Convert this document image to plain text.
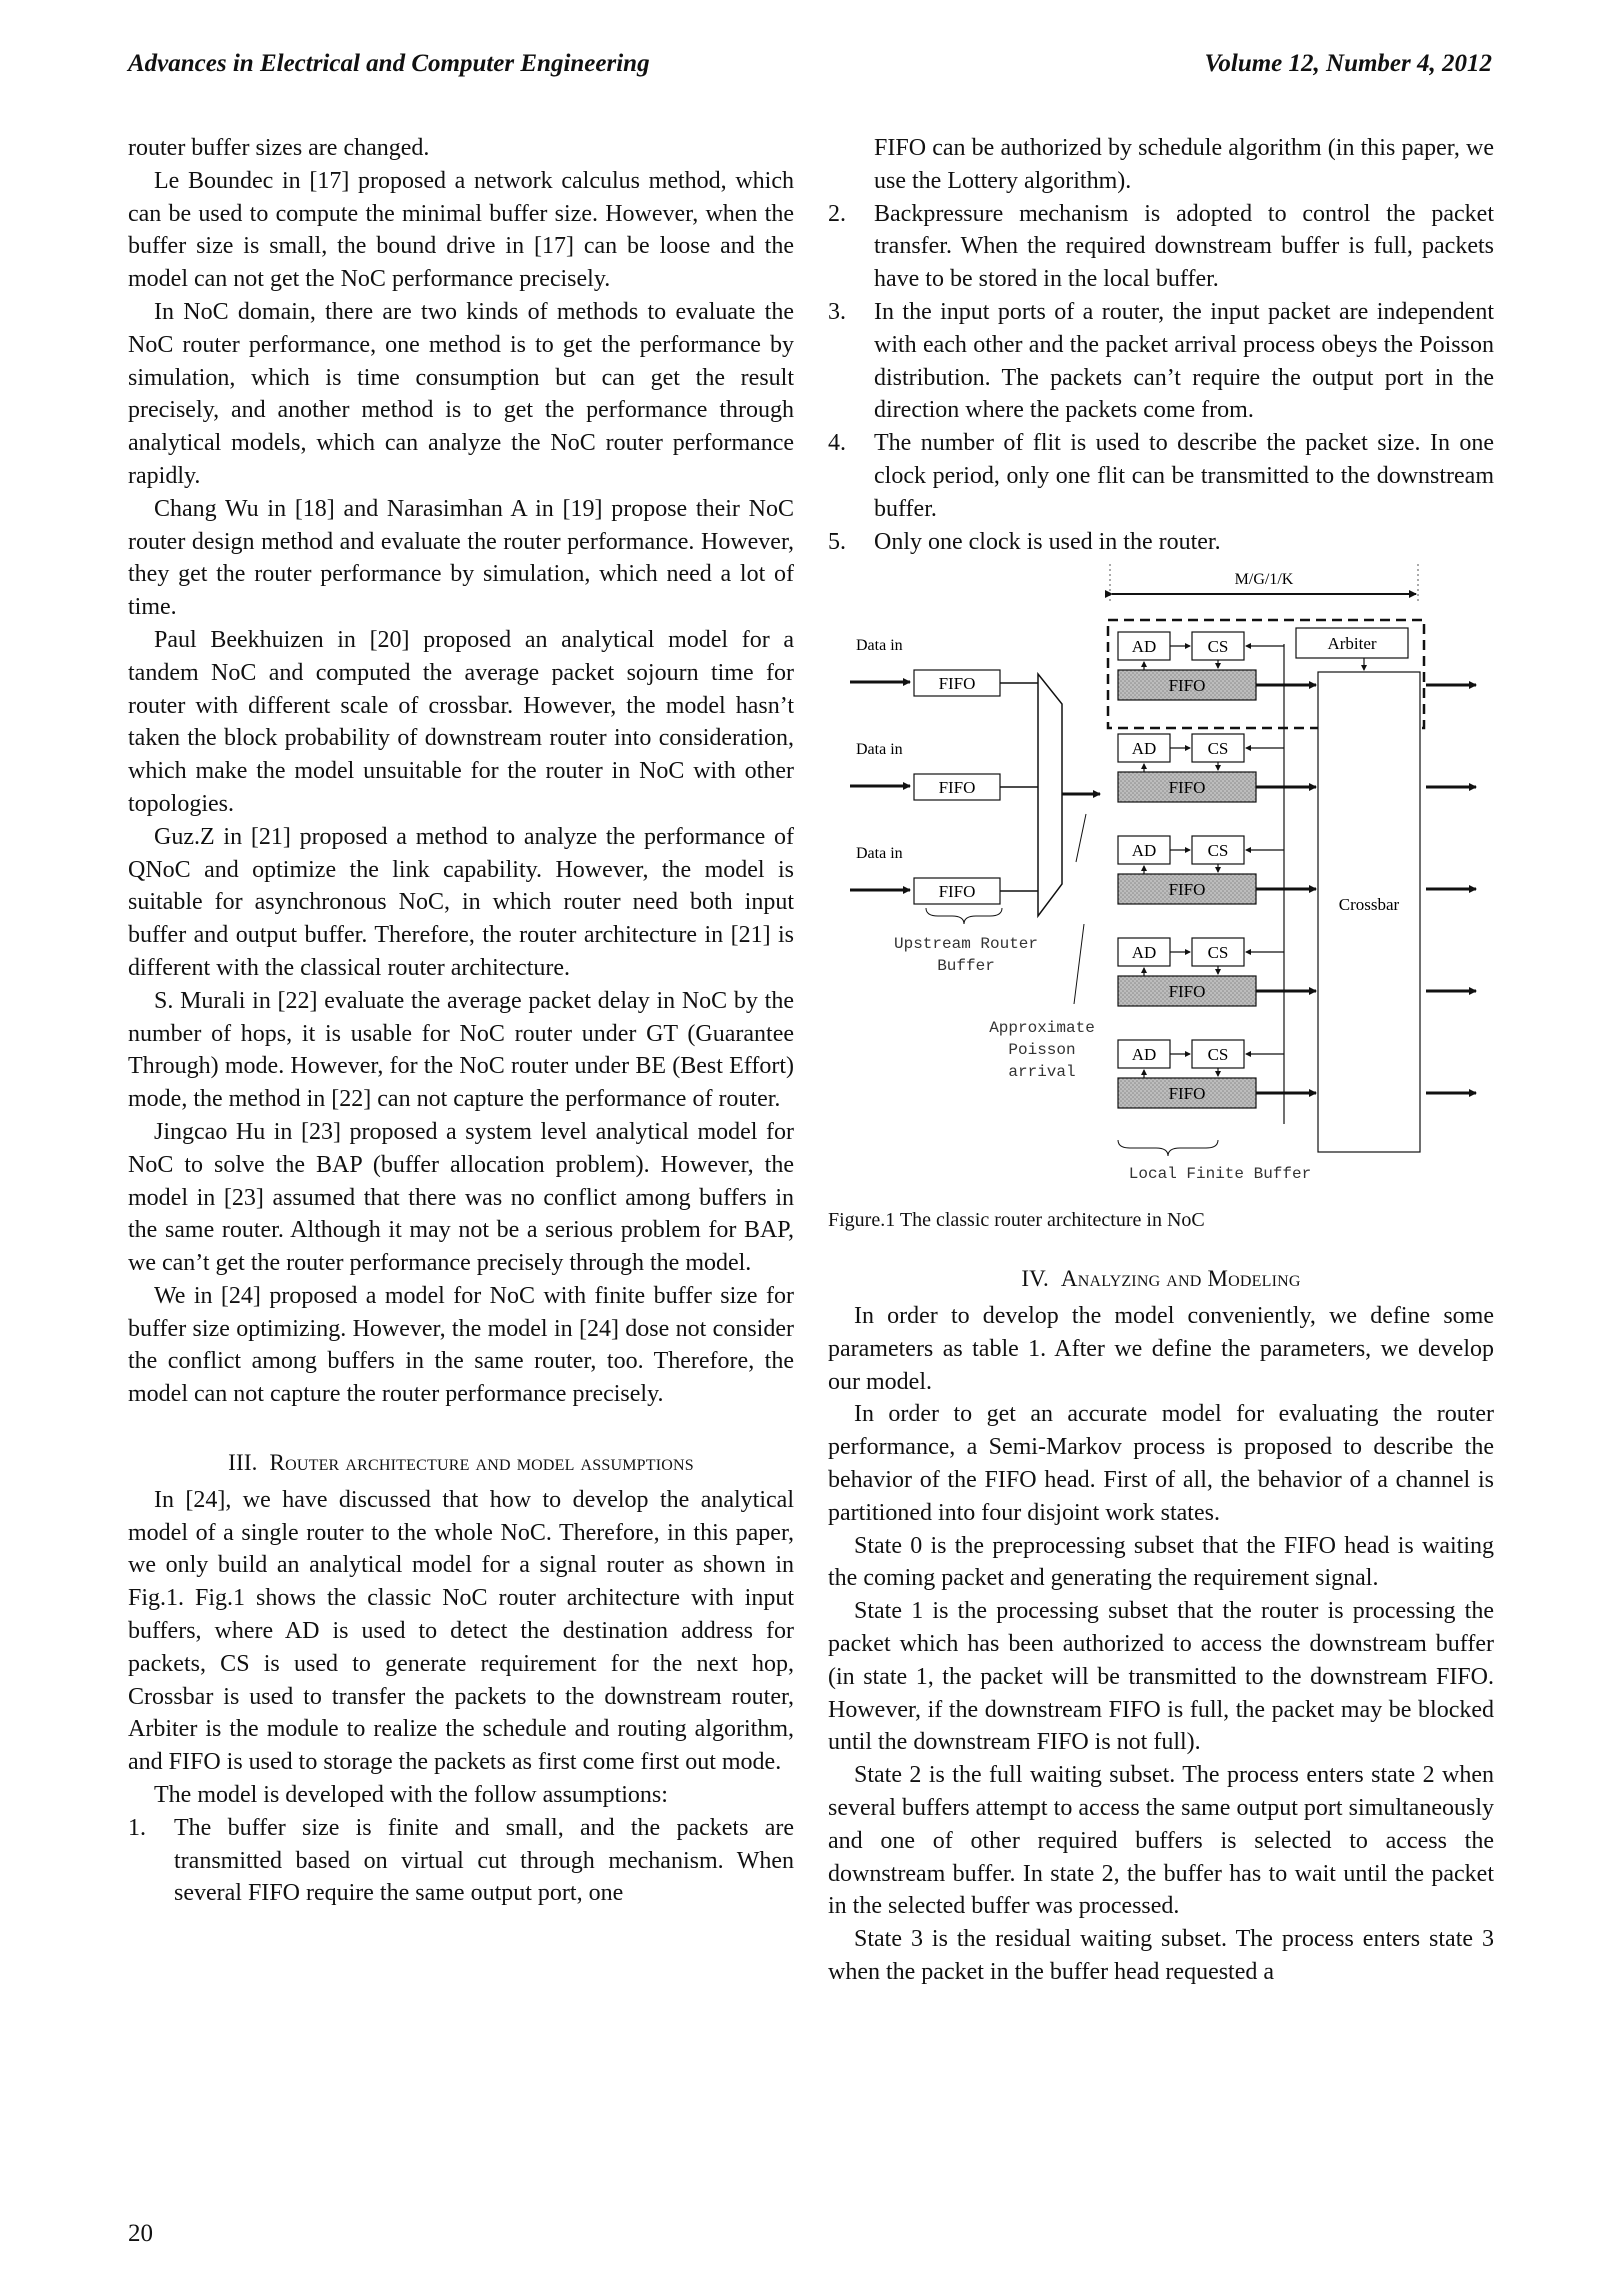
Advances in Electrical and Computer Engineering	Volume 12, Number 4, 2012

router buffer sizes are changed.

Le Boundec in [17] proposed a network calculus method, which can be used to compute the minimal buffer size. However, when the buffer size is small, the bound drive in [17] can be loose and the model can not get the NoC performance precisely.

In NoC domain, there are two kinds of methods to evaluate the NoC router performance, one method is to get the performance by simulation, which is time consumption but can get the result precisely, and another method is to get the performance through analytical models, which can analyze the NoC router performance rapidly.

Chang Wu in [18] and Narasimhan A in [19] propose their NoC router design method and evaluate the router performance. However, they get the router performance by simulation, which need a lot of time.

Paul Beekhuizen in [20] proposed an analytical model for a tandem NoC and computed the average packet sojourn time for router with different scale of crossbar. However, the model hasn’t taken the block probability of downstream router into consideration, which make the model unsuitable for the router in NoC with other topologies.

Guz.Z in [21] proposed a method to analyze the performance of QNoC and optimize the link capability. However, the model is suitable for asynchronous NoC, in which router need both input buffer and output buffer. Therefore, the router architecture in [21] is different with the classical router architecture.

S. Murali in [22] evaluate the average packet delay in NoC by the number of hops, it is usable for NoC router under GT (Guarantee Through) mode. However, for the NoC router under BE (Best Effort) mode, the method in [22] can not capture the performance of router.

Jingcao Hu in [23] proposed a system level analytical model for NoC to solve the BAP (buffer allocation problem). However, the model in [23] assumed that there was no conflict among buffers in the same router. Although it may not be a serious problem for BAP, we can’t get the router performance precisely through the model.

We in [24] proposed a model for NoC with finite buffer size for buffer size optimizing. However, the model in [24] dose not consider the conflict among buffers in the same router, too. Therefore, the model can not capture the router performance precisely.

III. Router architecture and model assumptions

In [24], we have discussed that how to develop the analytical model of a single router to the whole NoC. Therefore, in this paper, we only build an analytical model for a signal router as shown in Fig.1. Fig.1 shows the classic NoC router architecture with input buffers, where AD is used to detect the destination address for packets, CS is used to generate requirement for the next hop, Crossbar is used to transfer the packets to the downstream router, Arbiter is the module to realize the schedule and routing algorithm, and FIFO is used to storage the packets as first come first out mode.

The model is developed with the follow assumptions:

1. The buffer size is finite and small, and the packets are transmitted based on virtual cut through mechanism. When several FIFO require the same output port, one
FIFO can be authorized by schedule algorithm (in this paper, we use the Lottery algorithm).
2. Backpressure mechanism is adopted to control the packet transfer. When the required downstream buffer is full, packets have to be stored in the local buffer.
3. In the input ports of a router, the input packet are independent with each other and the packet arrival process obeys the Poisson distribution. The packets can’t require the output port in the direction where the packets come from.
4. The number of flit is used to describe the packet size. In one clock period, only one flit can be transmitted to the downstream buffer.
5. Only one clock is used in the router.
M/G/1/K
Arbiter
Crossbar
AD	CS
FIFO
AD	CS
FIFO
AD	CS
FIFO
AD	CS
FIFO
AD	CS
FIFO
Data in
FIFO
Data in
FIFO
Data in
FIFO
Upstream Router
Buffer
Approximate
Poisson
arrival
Local Finite Buffer

Figure.1 The classic router architecture in NoC

IV. Analyzing and Modeling

In order to develop the model conveniently, we define some parameters as table 1. After we define the parameters, we develop our model.

In order to get an accurate model for evaluating the router performance, a Semi-Markov process is proposed to describe the behavior of the FIFO head. First of all, the behavior of a channel is partitioned into four disjoint work states.

State 0 is the preprocessing subset that the FIFO head is waiting the coming packet and generating the requirement signal.

State 1 is the processing subset that the router is processing the packet which has been authorized to access the downstream buffer (in state 1, the packet will be transmitted to the downstream FIFO. However, if the downstream FIFO is full, the packet may be blocked until the downstream FIFO is not full).

State 2 is the full waiting subset. The process enters state 2 when several buffers attempt to access the same output port simultaneously and one of other required buffers is selected to access the downstream buffer. In state 2, the buffer has to wait until the packet in the selected buffer was processed.

State 3 is the residual waiting subset. The process enters state 3 when the packet in the buffer head requested a

20
